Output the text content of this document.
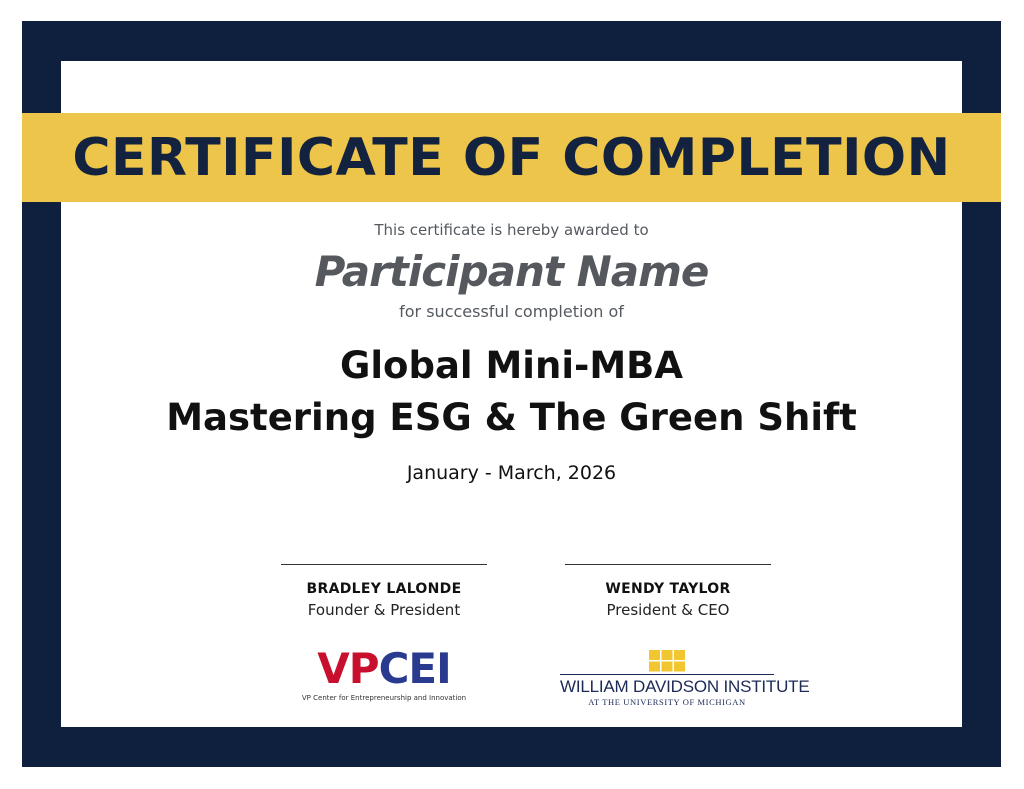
CERTIFICATE OF COMPLETION
This certificate is hereby awarded to
Participant Name
for successful completion of
Global Mini-MBA
Mastering ESG & The Green Shift
January - March, 2026
BRADLEY LALONDE
Founder & President
WENDY TAYLOR
President & CEO
VPCEI
VP Center for Entrepreneurship and Innovation
WILLIAM DAVIDSON INSTITUTE
AT THE UNIVERSITY OF MICHIGAN
